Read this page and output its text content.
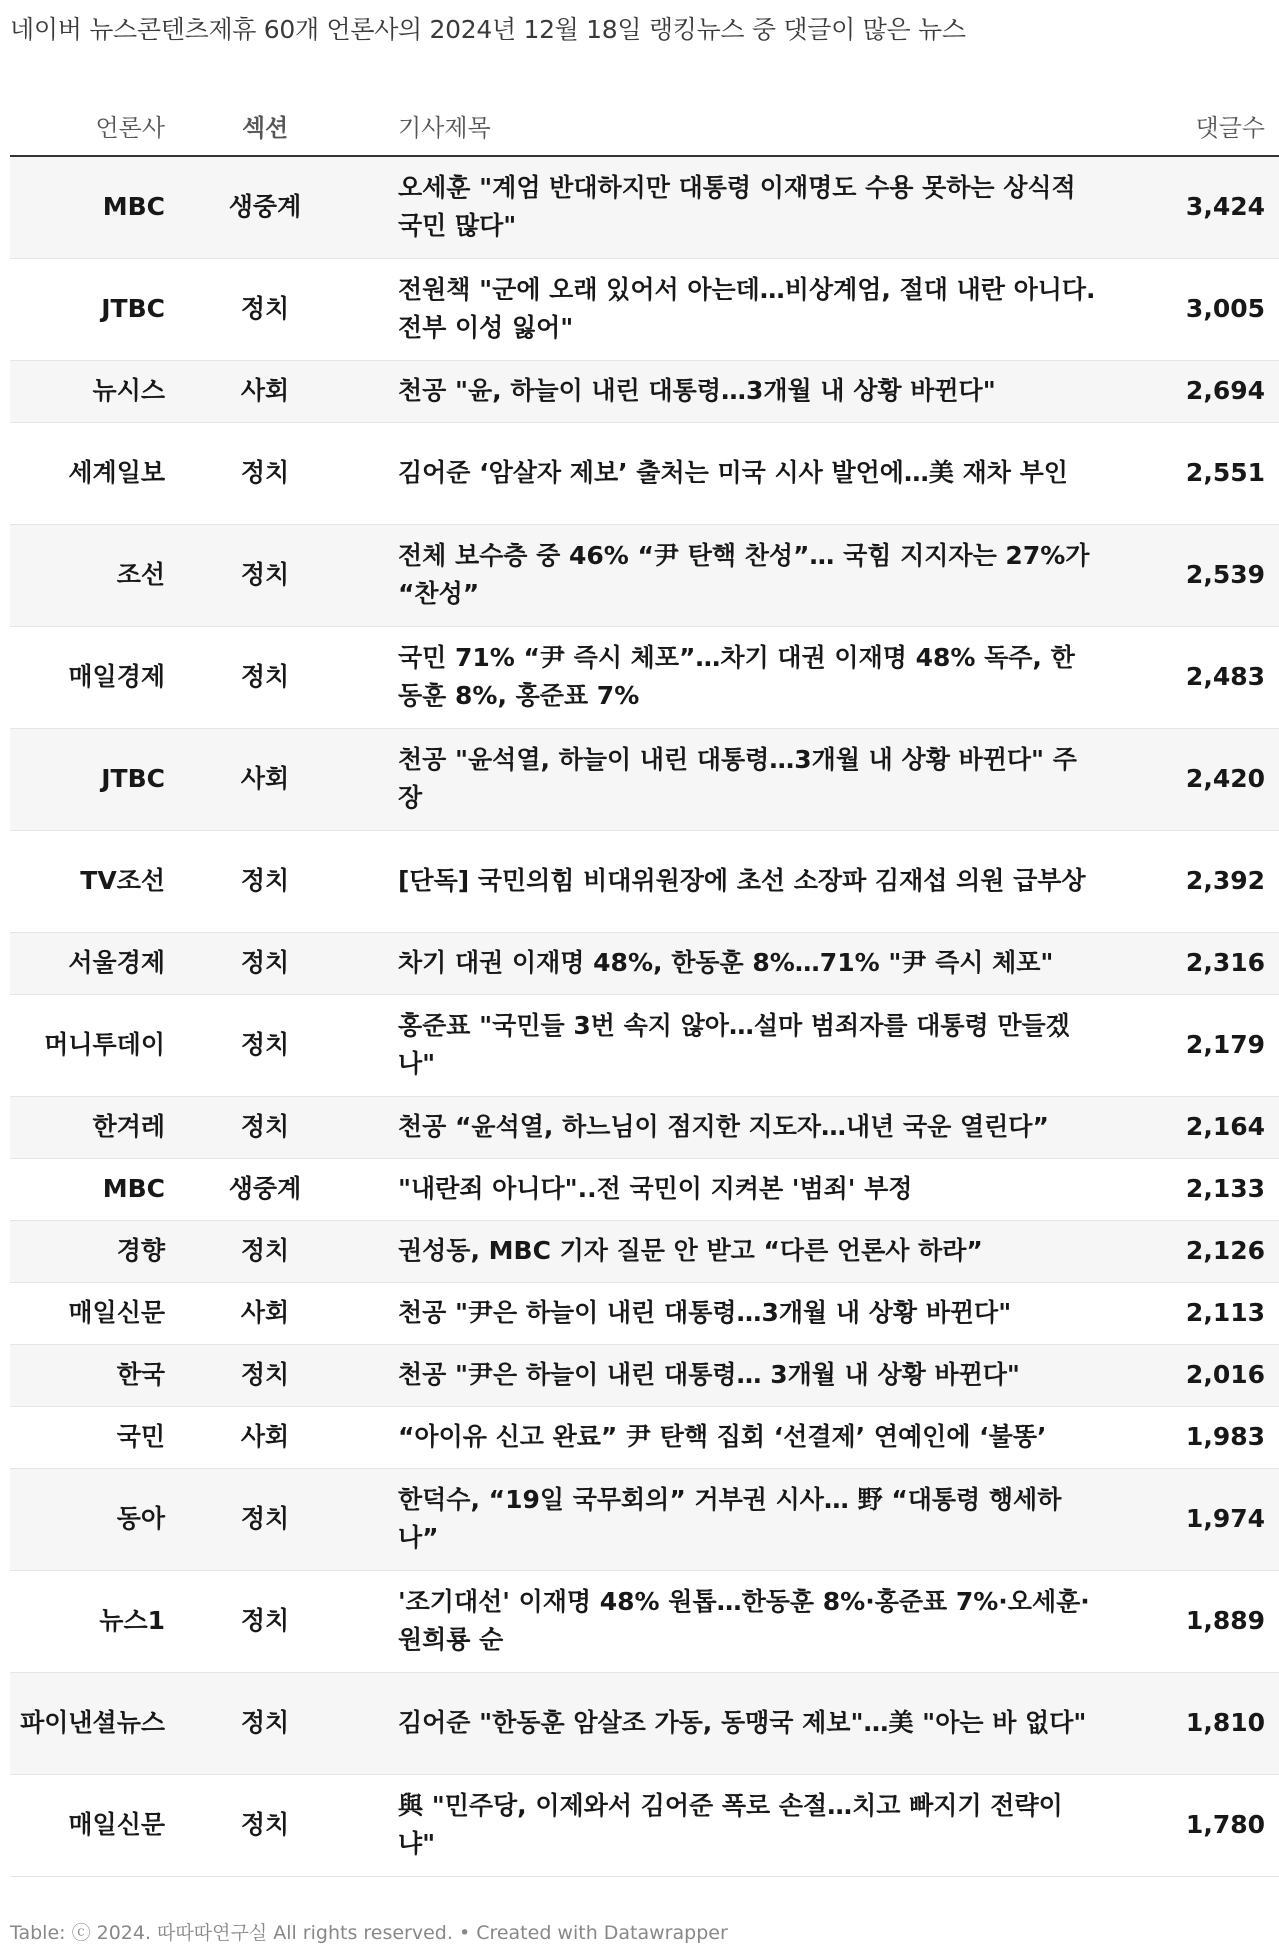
네이버 뉴스콘텐츠제휴 60개 언론사의 2024년 12월 18일 랭킹뉴스 중 댓글이 많은 뉴스
언론사	섹션	기사제목	댓글수
MBC	생중계	오세훈 "계엄 반대하지만 대통령 이재명도 수용 못하는 상식적 국민 많다"	3,424
JTBC	정치	전원책 "군에 오래 있어서 아는데…비상계엄, 절대 내란 아니다. 전부 이성 잃어"	3,005
뉴시스	사회	천공 "윤, 하늘이 내린 대통령…3개월 내 상황 바뀐다"	2,694
세계일보	정치	김어준 ‘암살자 제보’ 출처는 미국 시사 발언에…美 재차 부인	2,551
조선	정치	전체 보수층 중 46% “尹 탄핵 찬성”… 국힘 지지자는 27%가 “찬성”	2,539
매일경제	정치	국민 71% “尹 즉시 체포”…차기 대권 이재명 48% 독주, 한동훈 8%, 홍준표 7%	2,483
JTBC	사회	천공 "윤석열, 하늘이 내린 대통령…3개월 내 상황 바뀐다" 주장	2,420
TV조선	정치	[단독] 국민의힘 비대위원장에 초선 소장파 김재섭 의원 급부상	2,392
서울경제	정치	차기 대권 이재명 48%, 한동훈 8%…71% "尹 즉시 체포"	2,316
머니투데이	정치	홍준표 "국민들 3번 속지 않아…설마 범죄자를 대통령 만들겠나"	2,179
한겨레	정치	천공 “윤석열, 하느님이 점지한 지도자…내년 국운 열린다”	2,164
MBC	생중계	"내란죄 아니다"..전 국민이 지켜본 '범죄' 부정	2,133
경향	정치	권성동, MBC 기자 질문 안 받고 “다른 언론사 하라”	2,126
매일신문	사회	천공 "尹은 하늘이 내린 대통령…3개월 내 상황 바뀐다"	2,113
한국	정치	천공 "尹은 하늘이 내린 대통령… 3개월 내 상황 바뀐다"	2,016
국민	사회	“아이유 신고 완료” 尹 탄핵 집회 ‘선결제’ 연예인에 ‘불똥’	1,983
동아	정치	한덕수, “19일 국무회의” 거부권 시사… 野 “대통령 행세하나”	1,974
뉴스1	정치	'조기대선' 이재명 48% 원톱…한동훈 8%·홍준표 7%·오세훈·원희룡 순	1,889
파이낸셜뉴스	정치	김어준 "한동훈 암살조 가동, 동맹국 제보"…美 "아는 바 없다"	1,810
매일신문	정치	與 "민주당, 이제와서 김어준 폭로 손절…치고 빠지기 전략이냐"	1,780
Table: ⓒ 2024. 따따따연구실 All rights reserved. • Created with Datawrapper
